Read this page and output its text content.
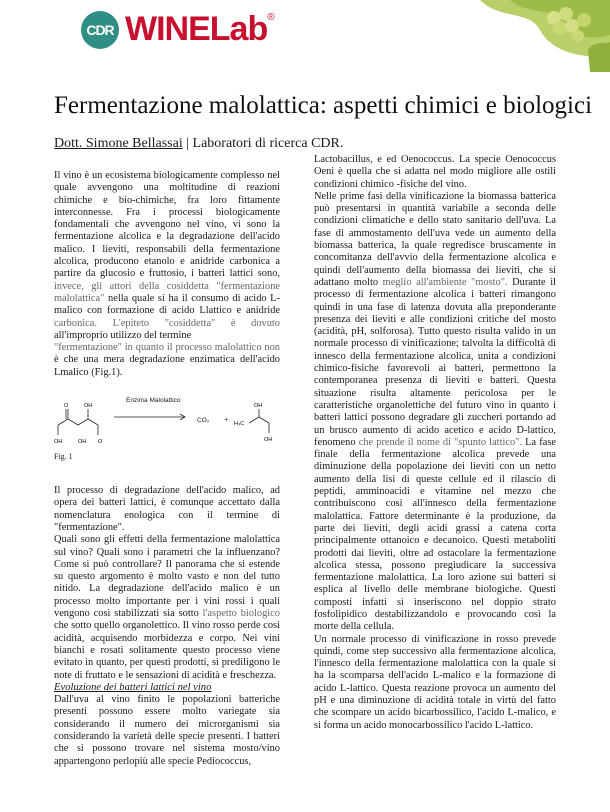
CDR WINELab ®
Fermentazione malolattica: aspetti chimici e biologici
Dott. Simone Bellassai | Laboratori di ricerca CDR.

Il vino è un ecosistema biologicamente complesso nel quale avvengono una moltitudine di reazioni chimiche e bio-chimiche, fra loro fittamente interconnesse. Fra i processi biologicamente fondamentali che avvengono nel vino, vi sono la fermentazione alcolica e la degradazione dell'acido malico. I lieviti, responsabili della fermentazione alcolica, producono etanolo e anidride carbonica a partire da glucosio e fruttosio, i batteri lattici sono, invece, gli attori della cosiddetta "fermentazione malolattica" nella quale si ha il consumo di acido L-malico con formazione di acido Llattico e anidride carbonica. L'epiteto "cosiddetta" è dovuto all'improprio utilizzo del termine
"fermentazione" in quanto il processo malolattico non è che una mera degradazione enzimatica dell'acido Lmalico (Fig.1).

OH	OH
OH
O
O
H₃C
OH
OH
Enzima Malolattico
CO₂ +
Fig. 1

Il processo di degradazione dell'acido malico, ad opera dei batteri lattici, è comunque accettato dalla nomenclatura enologica con il termine di "fermentazione".

Quali sono gli effetti della fermentazione malolattica sul vino? Quali sono i parametri che la influenzano? Come si può controllare? Il panorama che si estende su questo argomento è molto vasto e non del tutto nitido. La degradazione dell'acido malico è un processo molto importante per i vini rossi i quali vengono così stabilizzati sia sotto l'aspetto biologico che sotto quello organolettico. Il vino rosso perde così acidità, acquisendo morbidezza e corpo. Nei vini bianchi e rosati solitamente questo processo viene evitato in quanto, per questi prodotti, si prediligono le note di fruttato e le sensazioni di acidità e freschezza.

Evoluzione dei batteri lattici nel vino

Dall'uva al vino finito le popolazioni batteriche presenti possono essere molto variegate sia considerando il numero dei microrganismi sia considerando la varietà delle specie presenti. I batteri che si possono trovare nel sistema mosto/vino appartengono perlopiù alle specie Pediococcus,

Lactobacillus, e ed Oenococcus. La specie Oenococcus Oeni è quella che si adatta nel modo migliore alle ostili condizioni chimico -fisiche del vino.

Nelle prime fasi della vinificazione la biomassa batterica può presentarsi in quantità variabile a seconda delle condizioni climatiche e dello stato sanitario dell'uva. La fase di ammostamento dell'uva vede un aumento della biomassa batterica, la quale regredisce bruscamente in concomitanza dell'avvio della fermentazione alcolica e quindi dell'aumento della biomassa dei lieviti, che si adattano molto meglio all'ambiente "mosto". Durante il processo di fermentazione alcolica i batteri rimangono quindi in una fase di latenza dovuta alla preponderante presenza dei lieviti e alle condizioni critiche del mosto (acidità, pH, solforosa). Tutto questo risulta valido in un normale processo di vinificazione; talvolta la difficoltà di innesco della fermentazione alcolica, unita a condizioni chimico-fisiche favorevoli ai batteri, permettono la contemporanea presenza di lieviti e batteri. Questa situazione risulta altamente pericolosa per le caratteristiche organolettiche del futuro vino in quanto i batteri lattici possono degradare gli zuccheri portando ad un brusco aumento di acido acetico e acido D-lattico, fenomeno che prende il nome di "spunto lattico". La fase finale della fermentazione alcolica prevede una diminuzione della popolazione dei lieviti con un netto aumento della lisi di queste cellule ed il rilascio di peptidi, amminoacidi e vitamine nel mezzo che contribuiscono così all'innesco della fermentazione malolattica. Fattore determinante è la produzione, da parte dei lieviti, degli acidi grassi a catena corta principalmente ottanoico e decanoico. Questi metaboliti prodotti dai lieviti, oltre ad ostacolare la fermentazione alcolica stessa, possono pregiudicare la successiva fermentazione malolattica. La loro azione sui batteri si esplica al livello delle membrane biologiche. Questi composti infatti si inseriscono nel doppio strato fosfolipidico destabilizzandolo e provocando così la morte della cellula.

Un normale processo di vinificazione in rosso prevede quindi, come step successivo alla fermentazione alcolica, l'innesco della fermentazione malolattica con la quale si ha la scomparsa dell'acido L-malico e la formazione di acido L-lattico. Questa reazione provoca un aumento del pH e una diminuzione di acidità totale in virtù del fatto che scompare un acido bicarbossilico, l'acido L-malico, e si forma un acido monocarbossilico l'acido L-lattico.
